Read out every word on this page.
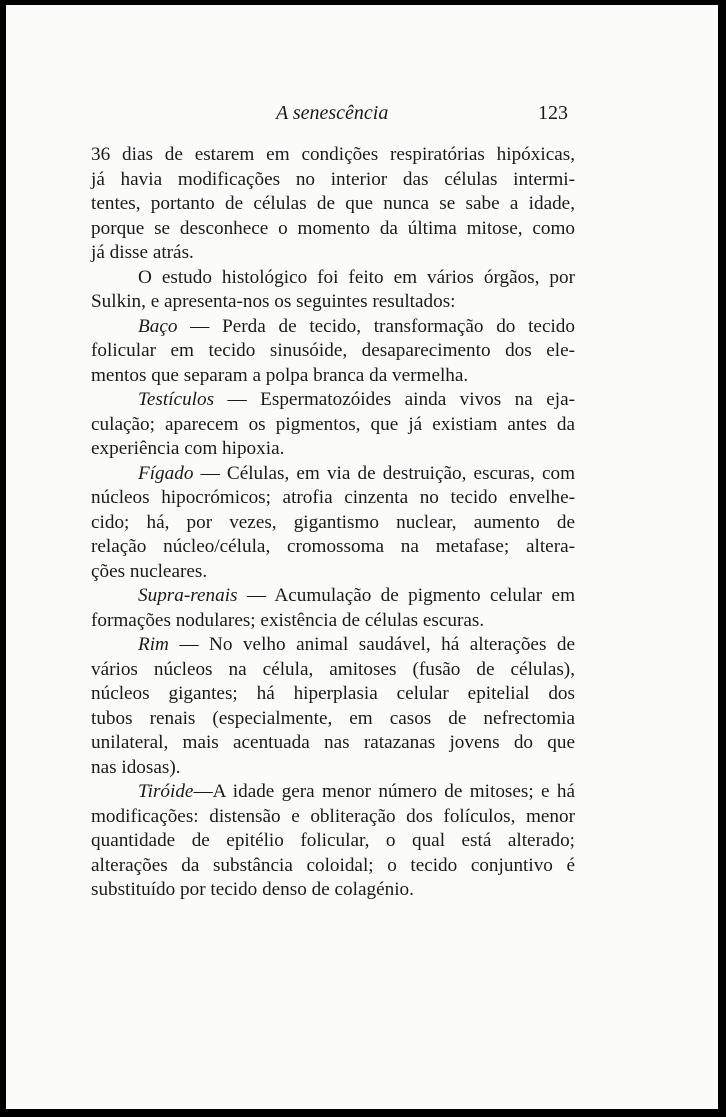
A senescência	123
36 dias de estarem em condições respiratórias hipóxicas,
já havia modificações no interior das células intermi-
tentes, portanto de células de que nunca se sabe a idade,
porque se desconhece o momento da última mitose, como
já disse atrás.
O estudo histológico foi feito em vários órgãos, por
Sulkin, e apresenta-nos os seguintes resultados:
Baço — Perda de tecido, transformação do tecido
folicular em tecido sinusóide, desaparecimento dos ele-
mentos que separam a polpa branca da vermelha.
Testículos — Espermatozóides ainda vivos na eja-
culação; aparecem os pigmentos, que já existiam antes da
experiência com hipoxia.
Fígado — Células, em via de destruição, escuras, com
núcleos hipocrómicos; atrofia cinzenta no tecido envelhe-
cido; há, por vezes, gigantismo nuclear, aumento de
relação núcleo/célula, cromossoma na metafase; altera-
ções nucleares.
Supra-renais — Acumulação de pigmento celular em
formações nodulares; existência de células escuras.
Rim — No velho animal saudável, há alterações de
vários núcleos na célula, amitoses (fusão de células),
núcleos gigantes; há hiperplasia celular epitelial dos
tubos renais (especialmente, em casos de nefrectomia
unilateral, mais acentuada nas ratazanas jovens do que
nas idosas).
Tiróide—A idade gera menor número de mitoses; e há
modificações: distensão e obliteração dos folículos, menor
quantidade de epitélio folicular, o qual está alterado;
alterações da substância coloidal; o tecido conjuntivo é
substituído por tecido denso de colagénio.
